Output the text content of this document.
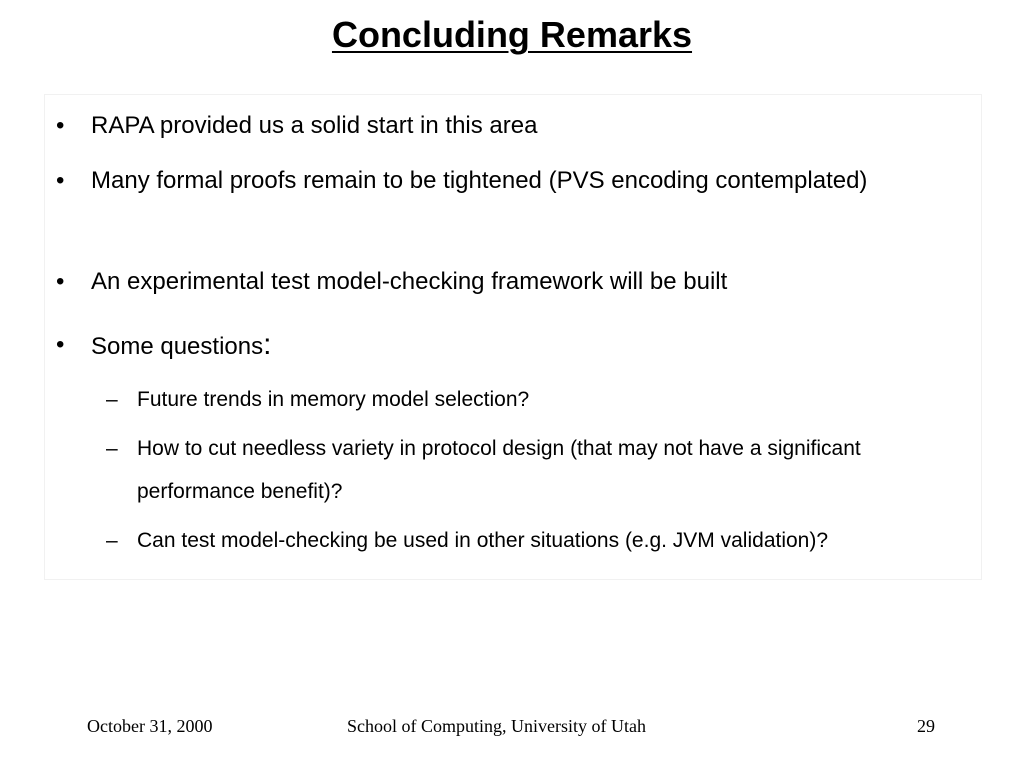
Concluding Remarks
• RAPA provided us a solid start in this area
• Many formal proofs remain to be tightened (PVS encoding contemplated)
• An experimental test model-checking framework will be built
• Some questions:
– Future trends in memory model selection?
– How to cut needless variety in protocol design (that may not have a significant performance benefit)?
– Can test model-checking be used in other situations (e.g. JVM validation)?
October 31, 2000	School of Computing, University of Utah	29
